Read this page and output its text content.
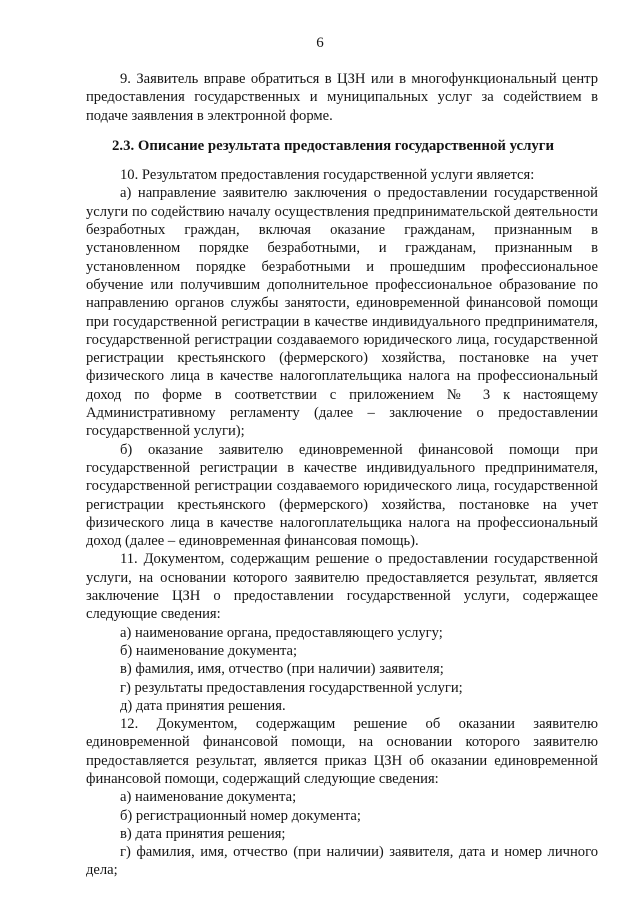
6

9. Заявитель вправе обратиться в ЦЗН или в многофункциональный центр предоставления государственных и муниципальных услуг за содействием в подаче заявления в электронной форме.

2.3. Описание результата предоставления государственной услуги

10. Результатом предоставления государственной услуги является:

а) направление заявителю заключения о предоставлении государственной услуги по содействию началу осуществления предпринимательской деятельности безработных граждан, включая оказание гражданам, признанным в установленном порядке безработными, и гражданам, признанным в установленном порядке безработными и прошедшим профессиональное обучение или получившим дополнительное профессиональное образование по направлению органов службы занятости, единовременной финансовой помощи при государственной регистрации в качестве индивидуального предпринимателя, государственной регистрации создаваемого юридического лица, государственной регистрации крестьянского (фермерского) хозяйства, постановке на учет физического лица в качестве налогоплательщика налога на профессиональный доход по форме в соответствии с приложением № 3 к настоящему Административному регламенту (далее – заключение о предоставлении государственной услуги);

б) оказание заявителю единовременной финансовой помощи при государственной регистрации в качестве индивидуального предпринимателя, государственной регистрации создаваемого юридического лица, государственной регистрации крестьянского (фермерского) хозяйства, постановке на учет физического лица в качестве налогоплательщика налога на профессиональный доход (далее – единовременная финансовая помощь).

11. Документом, содержащим решение о предоставлении государственной услуги, на основании которого заявителю предоставляется результат, является заключение ЦЗН о предоставлении государственной услуги, содержащее следующие сведения:

а) наименование органа, предоставляющего услугу;

б) наименование документа;

в) фамилия, имя, отчество (при наличии) заявителя;

г) результаты предоставления государственной услуги;

д) дата принятия решения.

12. Документом, содержащим решение об оказании заявителю единовременной финансовой помощи, на основании которого заявителю предоставляется результат, является приказ ЦЗН об оказании единовременной финансовой помощи, содержащий следующие сведения:

а) наименование документа;

б) регистрационный номер документа;

в) дата принятия решения;

г) фамилия, имя, отчество (при наличии) заявителя, дата и номер личного дела;
